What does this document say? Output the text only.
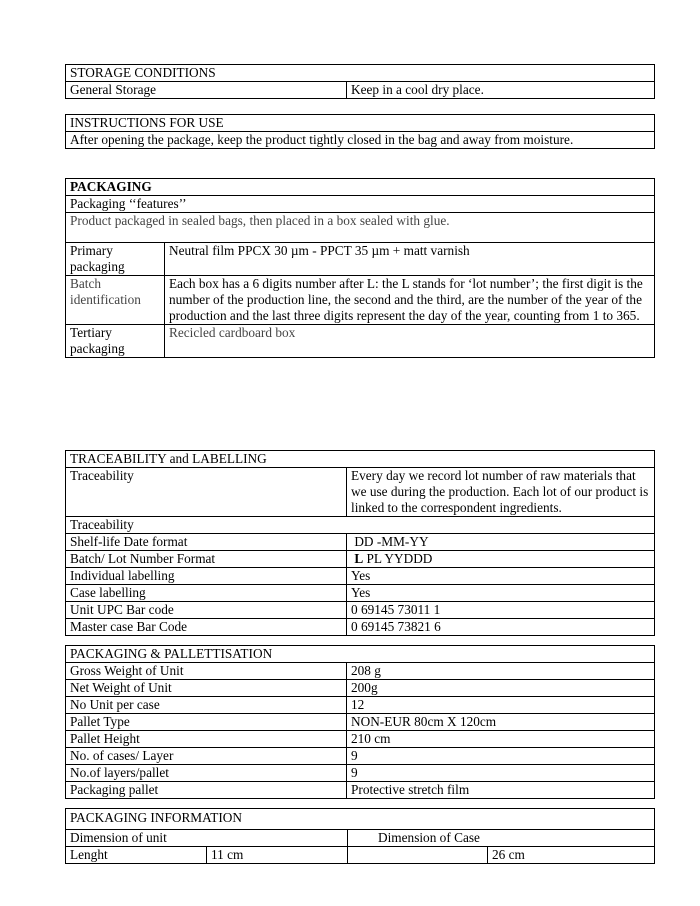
STORAGE CONDITIONS
General Storage	Keep in a cool dry place.
INSTRUCTIONS FOR USE
After opening the package, keep the product tightly closed in the bag and away from moisture.
PACKAGING	
Packaging ‘‘features’’	
Product packaged in sealed bags, then placed in a box sealed with glue.	
Primary packaging	Neutral film PPCX 30 µm - PPCT 35 µm + matt varnish
Batch identification	Each box has a 6 digits number after L: the L stands for ‘lot number’; the first digit is the number of the production line, the second and the third, are the number of the year of the production and the last three digits represent the day of the year, counting from 1 to 365.
Tertiary packaging	Recicled cardboard box
TRACEABILITY and LABELLING	
Traceability	Every day we record lot number of raw materials that we use during the production. Each lot of our product is linked to the correspondent ingredients.
Traceability	
Shelf-life Date format	DD -MM-YY
Batch/ Lot Number Format	L PL YYDDD
Individual labelling	Yes
Case labelling	Yes
Unit UPC Bar code	0 69145 73011 1
Master case Bar Code	0 69145 73821 6
PACKAGING & PALLETTISATION	
Gross Weight of Unit	208 g
Net Weight of Unit	200g
No Unit per case	12
Pallet Type	NON-EUR 80cm X 120cm
Pallet Height	210 cm
No. of cases/ Layer	9
No.of layers/pallet	9
Packaging pallet	Protective stretch film
PACKAGING INFORMATION			
Dimension of unit		Dimension of Case	
Lenght	11 cm		26 cm
